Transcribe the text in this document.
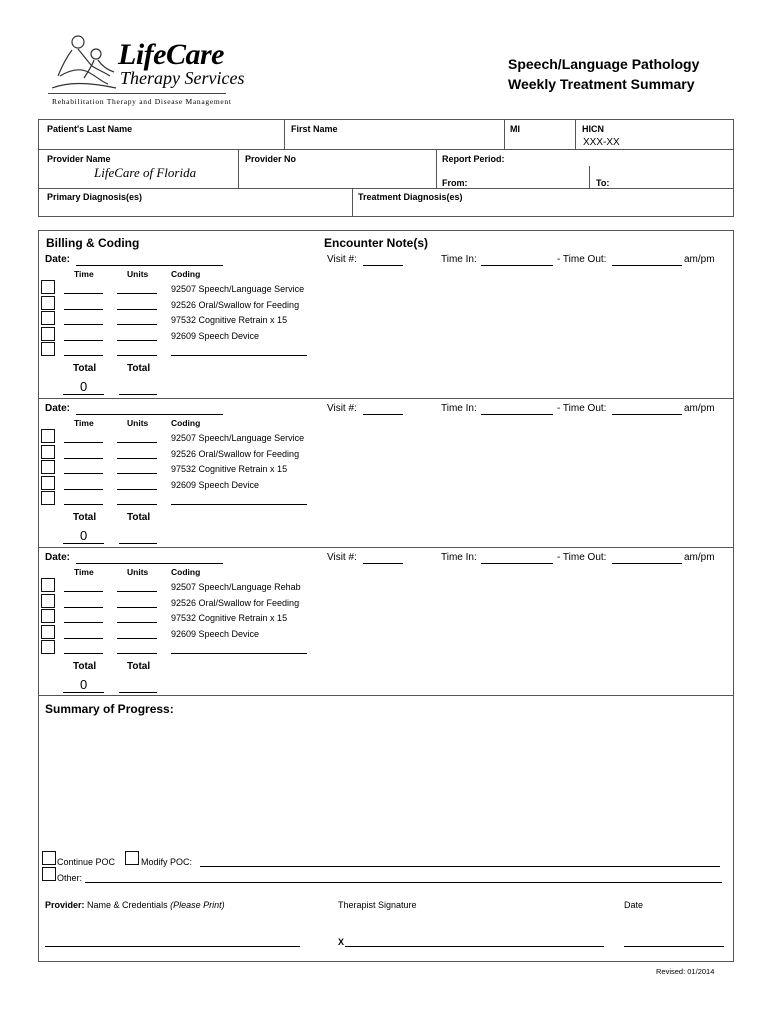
LifeCare
Therapy Services
Rehabilitation Therapy and Disease Management
Speech/Language Pathology
Weekly Treatment Summary
Patient's Last Name	First Name	MI	HICN
XXX-XX
Provider Name
LifeCare of Florida
Provider No	Report Period:
From:	To:
Primary Diagnosis(es)	Treatment Diagnosis(es)
Billing & Coding	Encounter Note(s)
Date:	Visit #:	Time In:	- Time Out:	am/pm
Time	Units	Coding
92507 Speech/Language Service
92526 Oral/Swallow for Feeding
97532 Cognitive Retrain x 15
92609 Speech Device
Total	Total
0
Date:	Visit #:	Time In:	- Time Out:	am/pm
Time	Units	Coding
92507 Speech/Language Service
92526 Oral/Swallow for Feeding
97532 Cognitive Retrain x 15
92609 Speech Device
Total	Total
0
Date:	Visit #:	Time In:	- Time Out:	am/pm
Time	Units	Coding
92507 Speech/Language Rehab
92526 Oral/Swallow for Feeding
97532 Cognitive Retrain x 15
92609 Speech Device
Total	Total
0
Summary of Progress:
Continue POC	Modify POC:
Other:
Provider: Name & Credentials (Please Print)	Therapist Signature	Date
X
Revised: 01/2014
